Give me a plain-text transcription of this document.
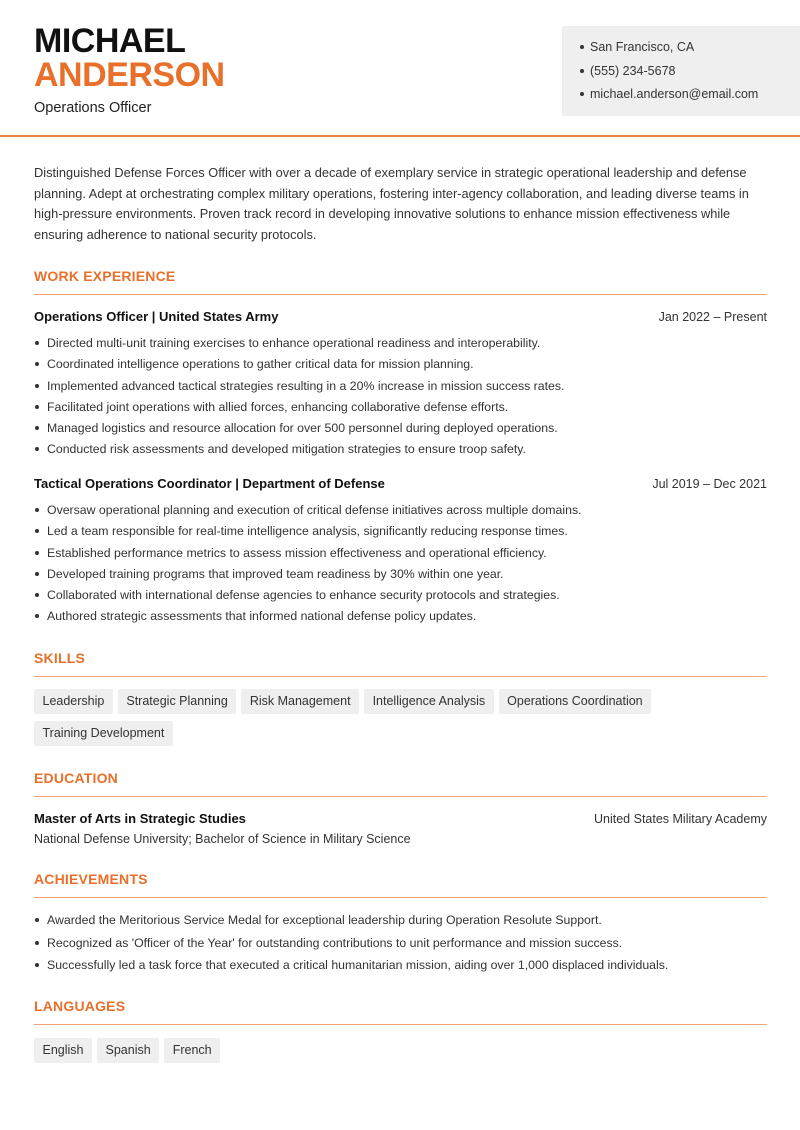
MICHAEL
ANDERSON
Operations Officer
San Francisco, CA
(555) 234-5678
michael.anderson@email.com

Distinguished Defense Forces Officer with over a decade of exemplary service in strategic operational leadership and defense planning. Adept at orchestrating complex military operations, fostering inter-agency collaboration, and leading diverse teams in high-pressure environments. Proven track record in developing innovative solutions to enhance mission effectiveness while ensuring adherence to national security protocols.

WORK EXPERIENCE
Operations Officer | United States Army	Jan 2022 – Present
Directed multi-unit training exercises to enhance operational readiness and interoperability.
Coordinated intelligence operations to gather critical data for mission planning.
Implemented advanced tactical strategies resulting in a 20% increase in mission success rates.
Facilitated joint operations with allied forces, enhancing collaborative defense efforts.
Managed logistics and resource allocation for over 500 personnel during deployed operations.
Conducted risk assessments and developed mitigation strategies to ensure troop safety.
Tactical Operations Coordinator | Department of Defense	Jul 2019 – Dec 2021
Oversaw operational planning and execution of critical defense initiatives across multiple domains.
Led a team responsible for real-time intelligence analysis, significantly reducing response times.
Established performance metrics to assess mission effectiveness and operational efficiency.
Developed training programs that improved team readiness by 30% within one year.
Collaborated with international defense agencies to enhance security protocols and strategies.
Authored strategic assessments that informed national defense policy updates.
SKILLS
Leadership Strategic Planning Risk Management Intelligence Analysis Operations Coordination
Training Development
EDUCATION
Master of Arts in Strategic Studies	United States Military Academy
National Defense University; Bachelor of Science in Military Science
ACHIEVEMENTS
Awarded the Meritorious Service Medal for exceptional leadership during Operation Resolute Support.
Recognized as 'Officer of the Year' for outstanding contributions to unit performance and mission success.
Successfully led a task force that executed a critical humanitarian mission, aiding over 1,000 displaced individuals.
LANGUAGES
English Spanish French
